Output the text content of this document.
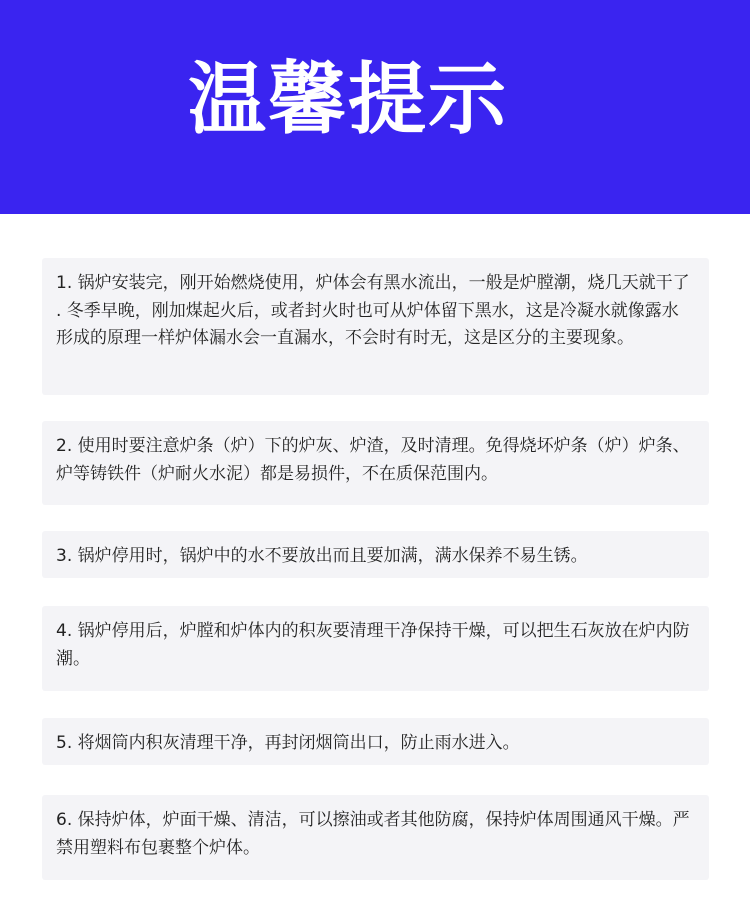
温馨提示
1. 锅炉安装完，刚开始燃烧使用，炉体会有黑水流出，一般是炉膛潮，烧几天就干了 . 冬季早晚，刚加煤起火后，或者封火时也可从炉体留下黑水，这是冷凝水就像露水形成的原理一样炉体漏水会一直漏水，不会时有时无，这是区分的主要现象。
2. 使用时要注意炉条（炉）下的炉灰、炉渣，及时清理。免得烧坏炉条（炉）炉条、炉等铸铁件（炉耐火水泥）都是易损件，不在质保范围内。
3. 锅炉停用时，锅炉中的水不要放出而且要加满，满水保养不易生锈。
4. 锅炉停用后，炉膛和炉体内的积灰要清理干净保持干燥，可以把生石灰放在炉内防潮。
5. 将烟筒内积灰清理干净，再封闭烟筒出口，防止雨水进入。
6. 保持炉体，炉面干燥、清洁，可以擦油或者其他防腐，保持炉体周围通风干燥。严禁用塑料布包裹整个炉体。
